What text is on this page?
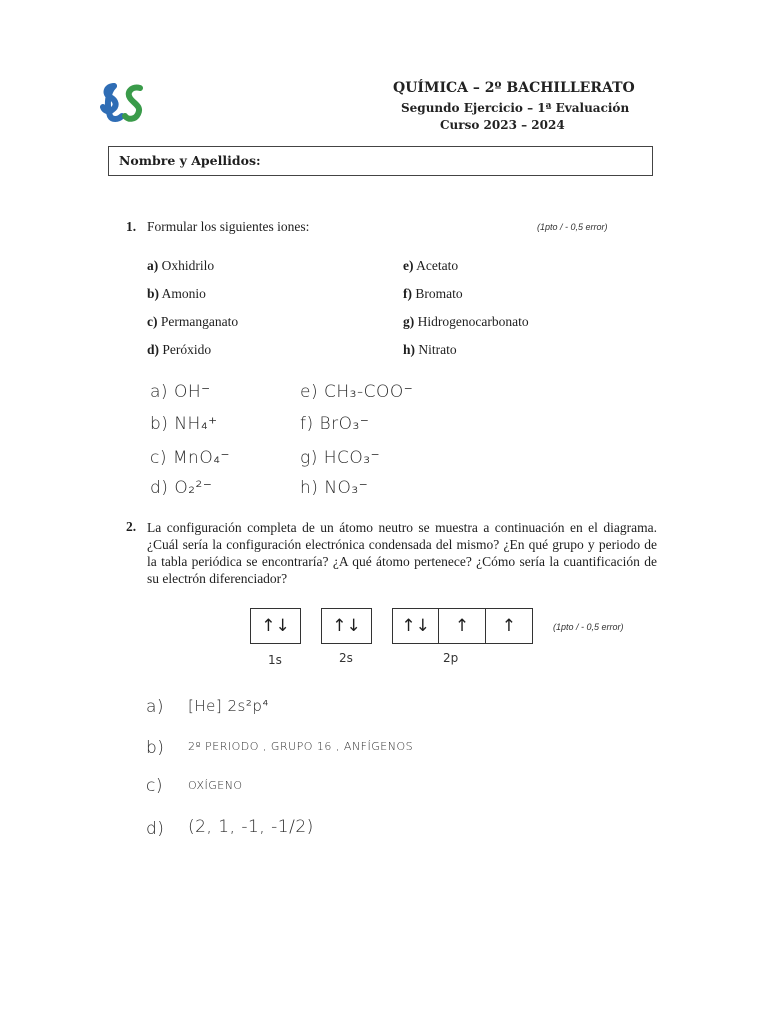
QUÍMICA – 2º BACHILLERATO
Segundo Ejercicio – 1ª Evaluación
Curso 2023 – 2024
Nombre y Apellidos:
1. Formular los siguientes iones:	(1pto / - 0,5 error)
a) Oxhidrilo
b) Amonio
c) Permanganato
d) Peróxido
e) Acetato
f) Bromato
g) Hidrogenocarbonato
h) Nitrato
a) OH⁻
b) NH₄⁺
c) MnO₄⁻
d) O₂²⁻
e) CH₃-COO⁻
f) BrO₃⁻
g) HCO₃⁻
h) NO₃⁻
2. La configuración completa de un átomo neutro se muestra a continuación en el diagrama. ¿Cuál sería la configuración electrónica condensada del mismo? ¿En qué grupo y periodo de la tabla periódica se encontraría? ¿A qué átomo pertenece? ¿Cómo sería la cuantificación de su electrón diferenciador?
↑↓	↑↓	↑↓	↑	↑	(1pto / - 0,5 error)
1s	2s	2p
a) [He] 2s²p⁴
b) 2º PERIODO , GRUPO 16 , ANFÍGENOS
c) OXÍGENO
d) (2, 1, -1, -1/2)
